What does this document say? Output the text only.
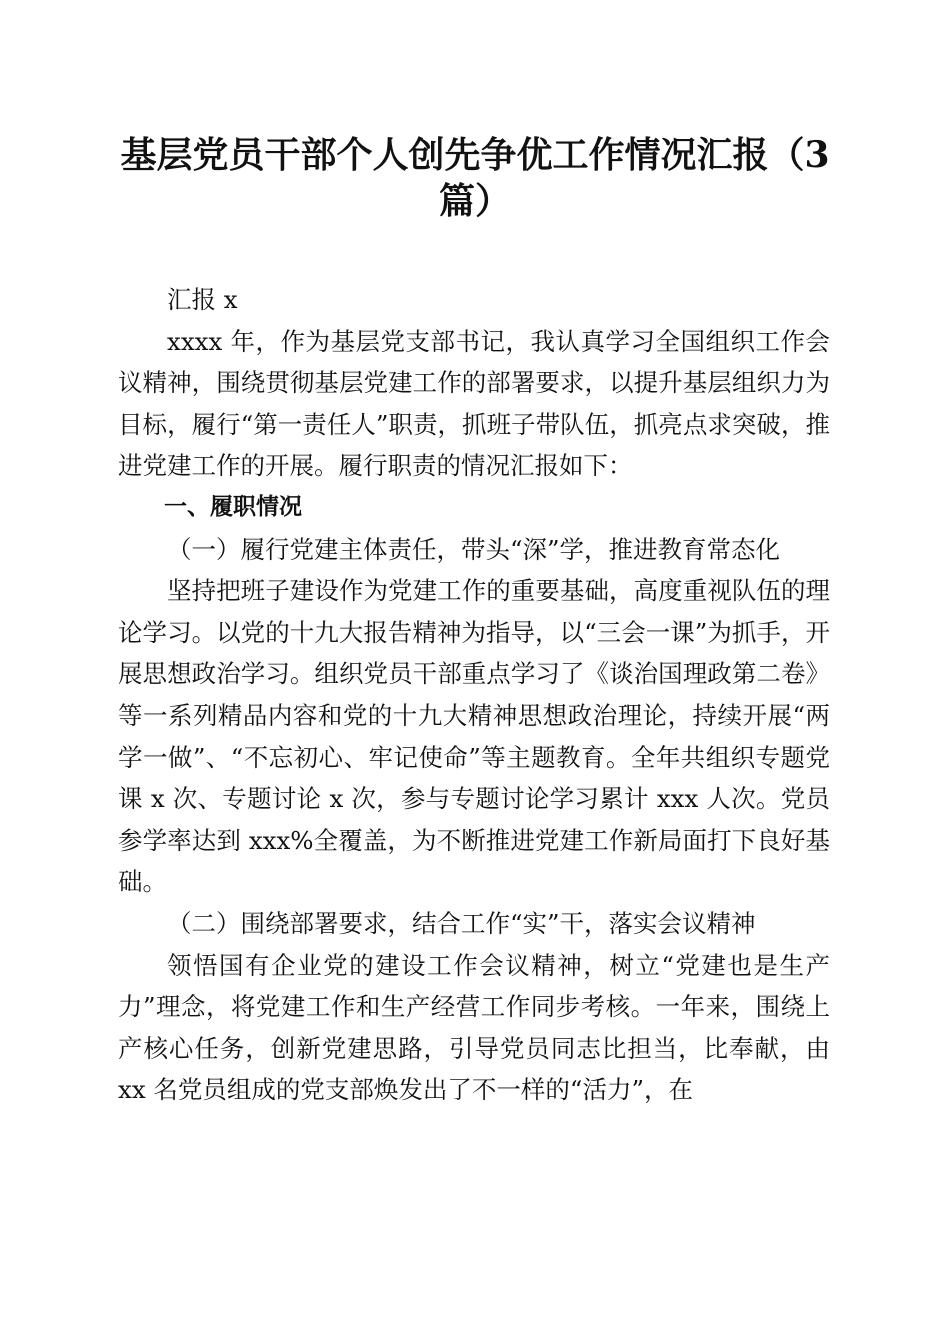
基层党员干部个人创先争优工作情况汇报（3
篇）

汇报 x

xxxx 年，作为基层党支部书记，我认真学习全国组织工作会议精神，围绕贯彻基层党建工作的部署要求，以提升基层组织力为目标，履行“第一责任人”职责，抓班子带队伍，抓亮点求突破，推进党建工作的开展。履行职责的情况汇报如下：

一、履职情况

（一）履行党建主体责任，带头“深”学，推进教育常态化

坚持把班子建设作为党建工作的重要基础，高度重视队伍的理论学习。以党的十九大报告精神为指导，以“三会一课”为抓手，开展思想政治学习。组织党员干部重点学习了《谈治国理政第二卷》等一系列精品内容和党的十九大精神思想政治理论，持续开展“两学一做”、“不忘初心、牢记使命”等主题教育。全年共组织专题党课 x 次、专题讨论 x 次，参与专题讨论学习累计 xxx 人次。党员参学率达到 xxx%全覆盖，为不断推进党建工作新局面打下良好基础。

（二）围绕部署要求，结合工作“实”干，落实会议精神

领悟国有企业党的建设工作会议精神，树立“党建也是生产力”理念，将党建工作和生产经营工作同步考核。一年来，围绕上产核心任务，创新党建思路，引导党员同志比担当，比奉献，由 xx 名党员组成的党支部焕发出了不一样的“活力”，在
